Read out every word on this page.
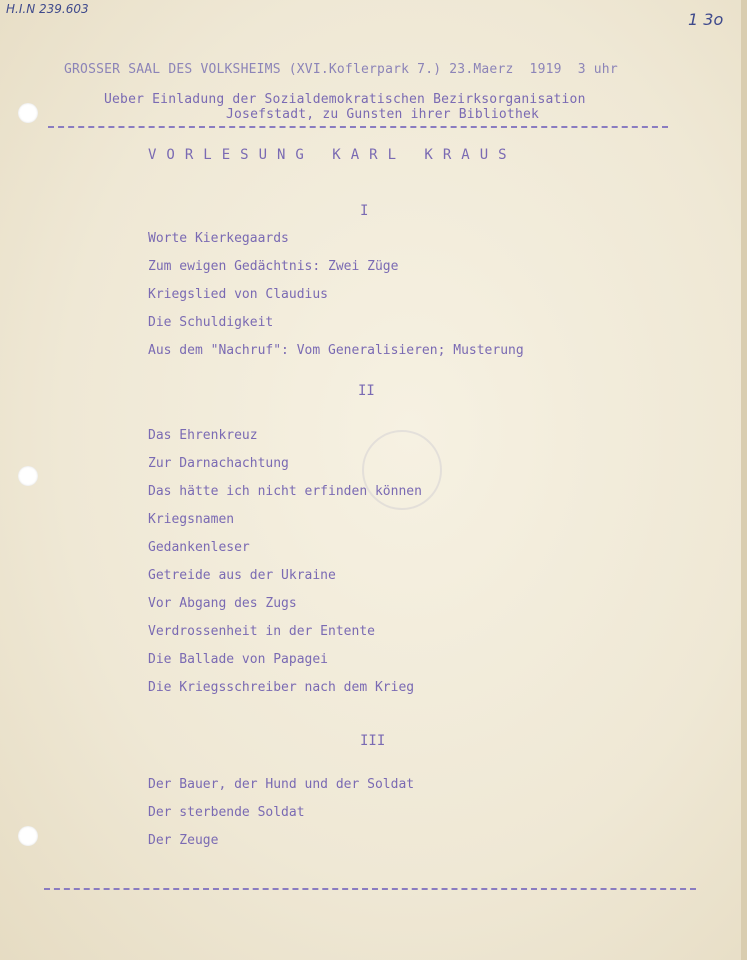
H.I.N 239.603
1 3o
GROSSER SAAL DES VOLKSHEIMS (XVI.Koflerpark 7.) 23.Maerz  1919  3 uhr
Ueber Einladung der Sozialdemokratischen Bezirksorganisation
Josefstadt, zu Gunsten ihrer Bibliothek
VORLESUNG KARL KRAUS
I
Worte Kierkegaards
Zum ewigen Gedächtnis: Zwei Züge
Kriegslied von Claudius
Die Schuldigkeit
Aus dem "Nachruf": Vom Generalisieren; Musterung
II
Das Ehrenkreuz
Zur Darnachachtung
Das hätte ich nicht erfinden können
Kriegsnamen
Gedankenleser
Getreide aus der Ukraine
Vor Abgang des Zugs
Verdrossenheit in der Entente
Die Ballade von Papagei
Die Kriegsschreiber nach dem Krieg
III
Der Bauer, der Hund und der Soldat
Der sterbende Soldat
Der Zeuge
